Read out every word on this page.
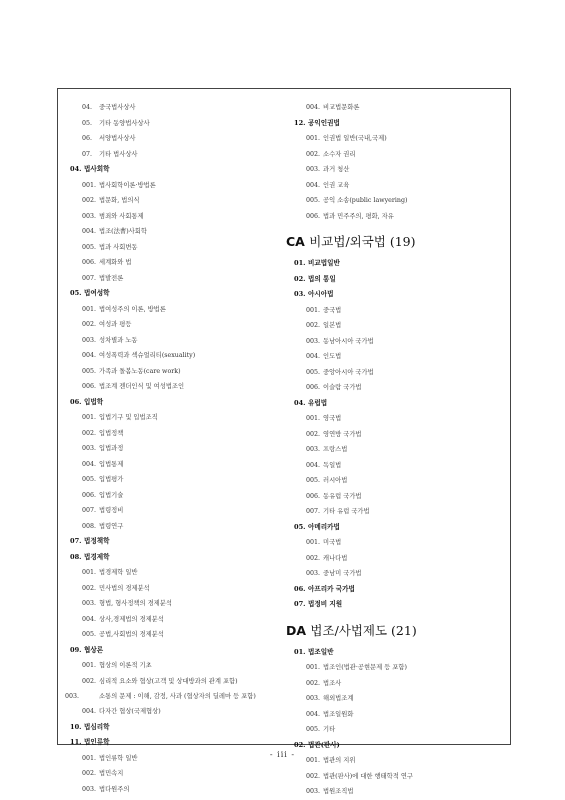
04. 중국법사상사
05. 기타 동양법사상사
06. 서양법사상사
07. 기타 법사상사
04. 법사회학
001. 법사회학이론·방법론
002. 법문화, 법의식
003. 범죄와 사회통제
004. 법조(法曹)사회학
005. 법과 사회변동
006. 세계화와 법
007. 법발전론
05. 법여성학
001. 법여성주의 이론, 방법론
002. 여성과 평등
003. 성차별과 노동
004. 여성폭력과 섹슈얼리티(sexuality)
005. 가족과 돌봄노동(care work)
006. 법조계 젠더인식 및 여성법조인
06. 입법학
001. 입법기구 및 입법조직
002. 입법정책
003. 입법과정
004. 입법통제
005. 입법평가
006. 입법기술
007. 법령정비
008. 법령연구
07. 법정책학
08. 법경제학
001. 법경제학 일반
002. 민사법의 경제분석
003. 형법, 형사정책의 경제분석
004. 상사,경제법의 경제분석
005. 공법,사회법의 경제분석
09. 협상론
001. 협상의 이론적 기초
002. 심리적 요소와 협상(고객 및 상대방과의 관계 포함)
003.	소통의 문제 : 이해, 감정, 사과 (협상자의 딜레마 등 포함)
004. 다자간 협상(국제협상)
10. 법심리학
11. 법인류학
001. 법인류학 일반
002. 법민속지
003. 법다원주의
004. 비교법문화론
12. 공익인권법
001. 인권법 일반(국내,국제)
002. 소수자 권리
003. 과거 청산
004. 인권 교육
005. 공익 소송(public lawyering)
006. 법과 민주주의, 평화, 자유
CA 비교법/외국법 (19)
01. 비교법일반
02. 법의 통일
03. 아시아법
001. 중국법
002. 일본법
003. 동남아시아 국가법
004. 인도법
005. 중앙아시아 국가법
006. 이슬람 국가법
04. 유럽법
001. 영국법
002. 영연방 국가법
003. 프랑스법
004. 독일법
005. 러시아법
006. 동유럽 국가법
007. 기타 유럽 국가법
05. 아메리카법
001. 미국법
002. 캐나다법
003. 중남미 국가법
06. 아프리카 국가법
07. 법정비 지원
DA 법조/사법제도 (21)
01. 법조일반
001. 법조인(법관·공현문제 등 포함)
002. 법조사
003. 해외법조계
004. 법조일원화
005. 기타
02. 법관(판사)
001. 법관의 지위
002. 법관(판사)에 대한 행태학적 연구
003. 법원조직법
- iii -
